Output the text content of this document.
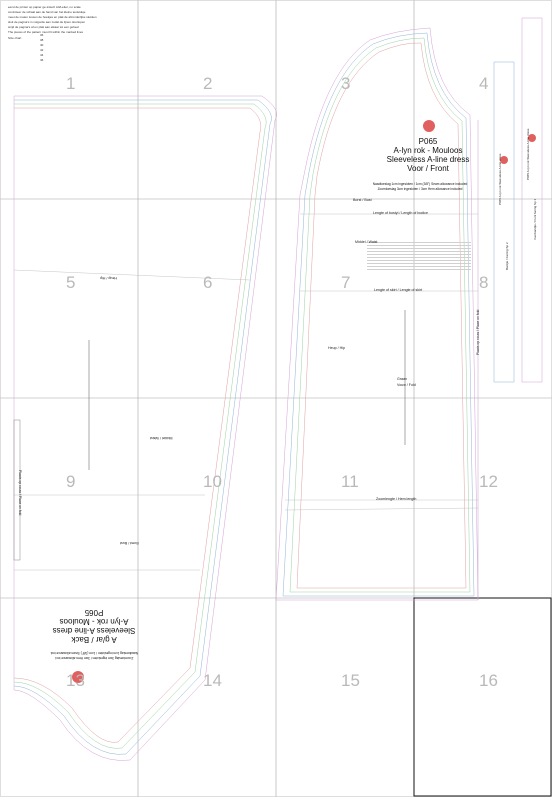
eerst de printer op papier ge-instell: A4/Letter, no scale
controleer de schaal aan de hand van het kleine teststukje
meet de maten tussen de hoekjes en plak de afzonderlijke stukken
sluit de pagina's in volgorde aan zodat de lijnen doorlopen
snijd de pagina's af en plak aan elkaar tot een geheel
The pieces of the pattern must fit within the marked lines
Size chart
36
38
40
42
44
46
1	2	3	4
5	6	7	8
9	10	11	12
13	14	15	16
P065
A-lyn rok - Mouloos
Sleeveless A-line dress
Voor / Front
Naadtoeslag 1cm ingesloten / 1cm (3/8") Seam allowance included
Zoomtoeslag 3cm ingesloten / 3cm Hem allowance included
Zoomtoeslag 3cm ingesloten / 3cm Hem allowance incl.
Naadtoeslag 1cm ingesloten / 1cm (3/8") Seam allowance incl.
A g/ar / Back
Sleeveless A-line dress
A-lyn rok - Mouloos
P065
Borst / Bust
Lengte of bostyl / Length of bodice
Middel / Waist
Lengte of skirt / Lengte of skirt
Heup / Hip
Graan
Vouw / Fold
Zoomlengte / Hem length
Plaats op vouw / Place on fold
Plaats op vouw / Place on fold
Heup / Hip
Middel / Waist
Borst / Bust
P065 A-lyn rok Sleeveless A-line dress
Bantjie / Facing Sp 2
P065 A-lyn rok Sleeveless A-line dress
Voorbandjie / Front facing Sp 1
